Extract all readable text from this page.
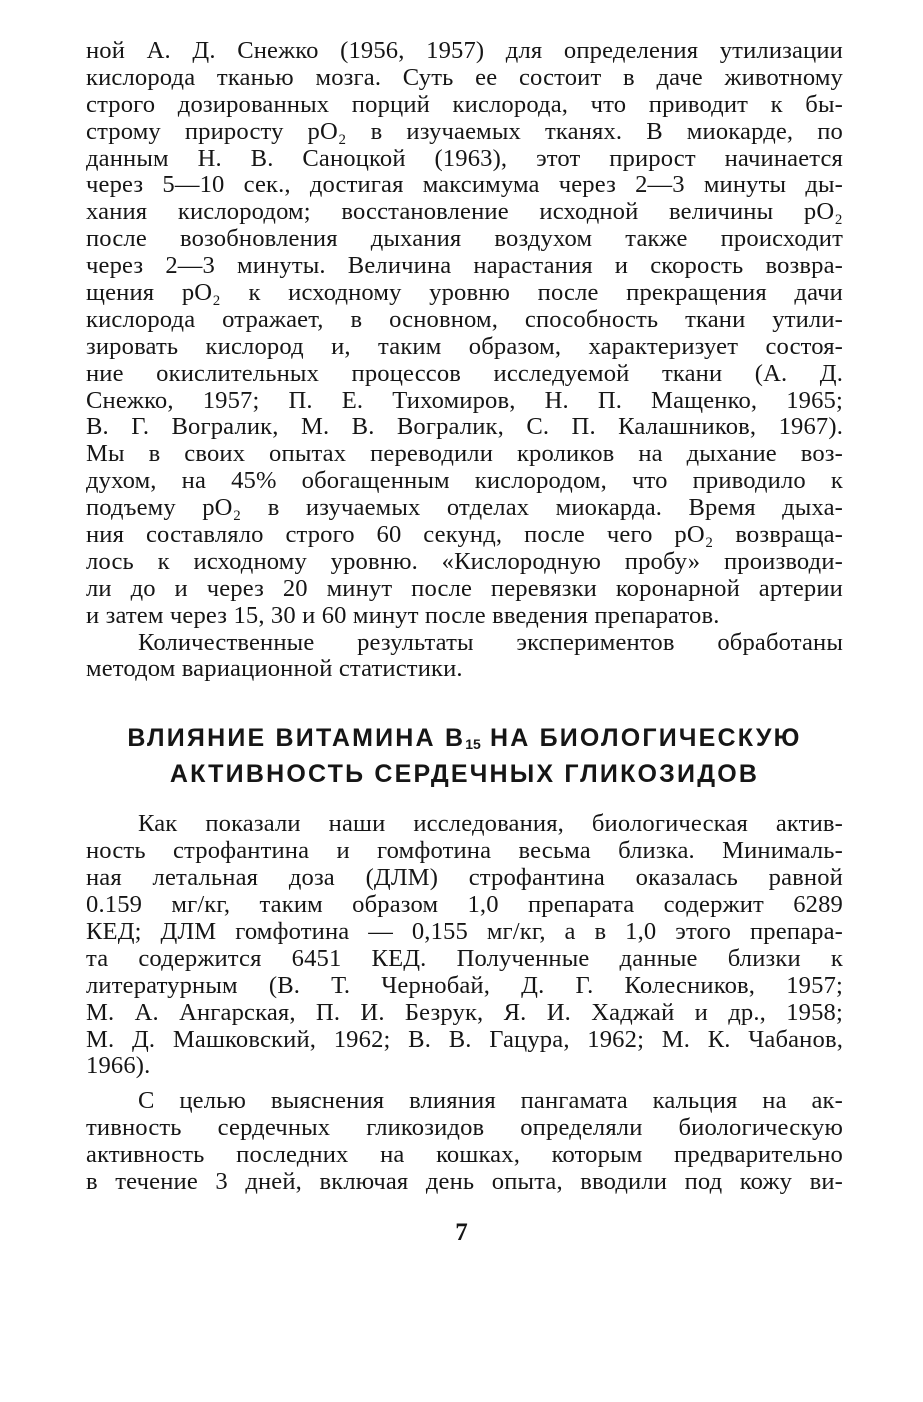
ной А. Д. Снежко (1956, 1957) для определения утилизации
кислорода тканью мозга. Суть ее состоит в даче животному
строго дозированных порций кислорода, что приводит к бы-
строму приросту pO₂ в изучаемых тканях. В миокарде, по
данным Н. В. Саноцкой (1963), этот прирост начинается
через 5—10 сек., достигая максимума через 2—3 минуты ды-
хания кислородом; восстановление исходной величины pO₂
после возобновления дыхания воздухом также происходит
через 2—3 минуты. Величина нарастания и скорость возвра-
щения pO₂ к исходному уровню после прекращения дачи
кислорода отражает, в основном, способность ткани утили-
зировать кислород и, таким образом, характеризует состоя-
ние окислительных процессов исследуемой ткани (А. Д.
Снежко, 1957; П. Е. Тихомиров, Н. П. Мащенко, 1965;
В. Г. Вогралик, М. В. Вогралик, С. П. Калашников, 1967).
Мы в своих опытах переводили кроликов на дыхание воз-
духом, на 45% обогащенным кислородом, что приводило к
подъему pO₂ в изучаемых отделах миокарда. Время дыха-
ния составляло строго 60 секунд, после чего pO₂ возвраща-
лось к исходному уровню. «Кислородную пробу» производи-
ли до и через 20 минут после перевязки коронарной артерии
и затем через 15, 30 и 60 минут после введения препаратов.
Количественные результаты экспериментов обработаны
методом вариационной статистики.
ВЛИЯНИЕ ВИТАМИНА $B_{15}$ НА БИОЛОГИЧЕСКУЮ
АКТИВНОСТЬ СЕРДЕЧНЫХ ГЛИКОЗИДОВ
Как показали наши исследования, биологическая актив-
ность строфантина и гомфотина весьма близка. Минималь-
ная летальная доза (ДЛМ) строфантина оказалась равной
0.159 мг/кг, таким образом 1,0 препарата содержит 6289
КЕД; ДЛМ гомфотина — 0,155 мг/кг, а в 1,0 этого препара-
та содержится 6451 КЕД. Полученные данные близки к
литературным (В. Т. Чернобай, Д. Г. Колесников, 1957;
М. А. Ангарская, П. И. Безрук, Я. И. Хаджай и др., 1958;
М. Д. Машковский, 1962; В. В. Гацура, 1962; М. К. Чабанов,
1966).
С целью выяснения влияния пангамата кальция на ак-
тивность сердечных гликозидов определяли биологическую
активность последних на кошках, которым предварительно
в течение 3 дней, включая день опыта, вводили под кожу ви-
7
